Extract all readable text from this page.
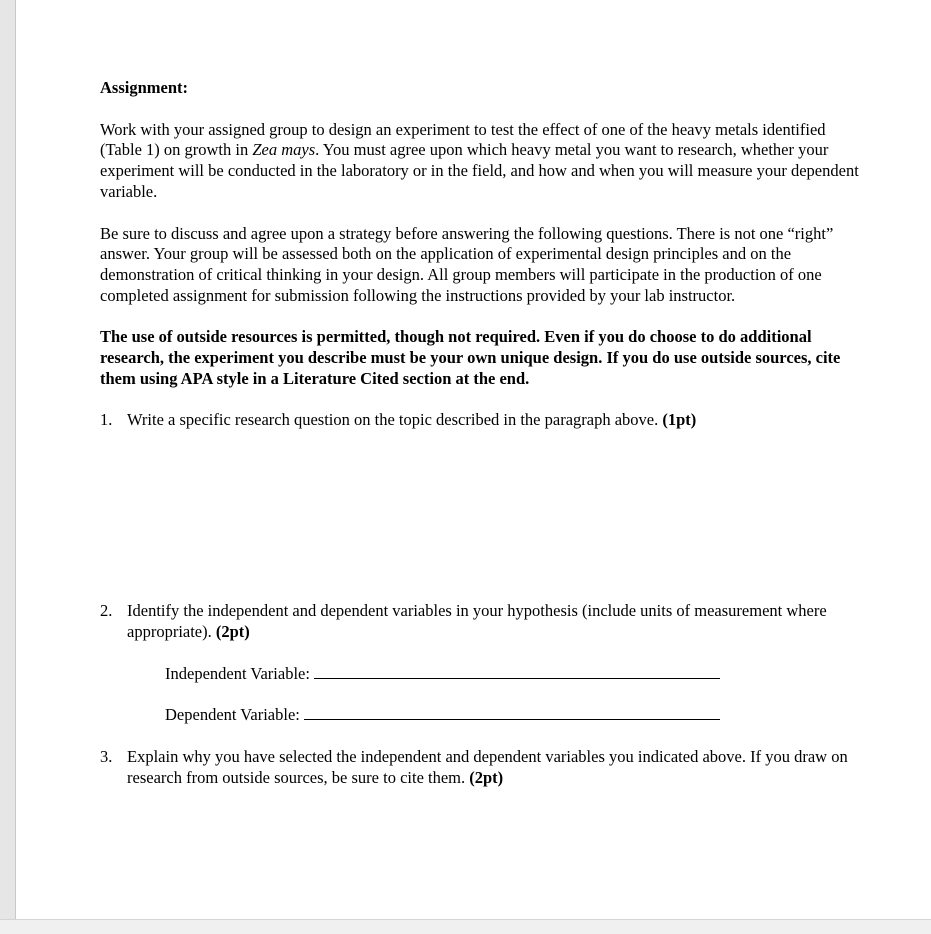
Assignment:

Work with your assigned group to design an experiment to test the effect of one of the heavy metals identified (Table 1) on growth in Zea mays. You must agree upon which heavy metal you want to research, whether your experiment will be conducted in the laboratory or in the field, and how and when you will measure your dependent variable.

Be sure to discuss and agree upon a strategy before answering the following questions. There is not one “right” answer. Your group will be assessed both on the application of experimental design principles and on the demonstration of critical thinking in your design. All group members will participate in the production of one completed assignment for submission following the instructions provided by your lab instructor.

The use of outside resources is permitted, though not required. Even if you do choose to do additional research, the experiment you describe must be your own unique design. If you do use outside sources, cite them using APA style in a Literature Cited section at the end.

1. Write a specific research question on the topic described in the paragraph above. (1pt)

2. Identify the independent and dependent variables in your hypothesis (include units of measurement where appropriate). (2pt)

Independent Variable:

Dependent Variable:

3. Explain why you have selected the independent and dependent variables you indicated above. If you draw on research from outside sources, be sure to cite them. (2pt)
